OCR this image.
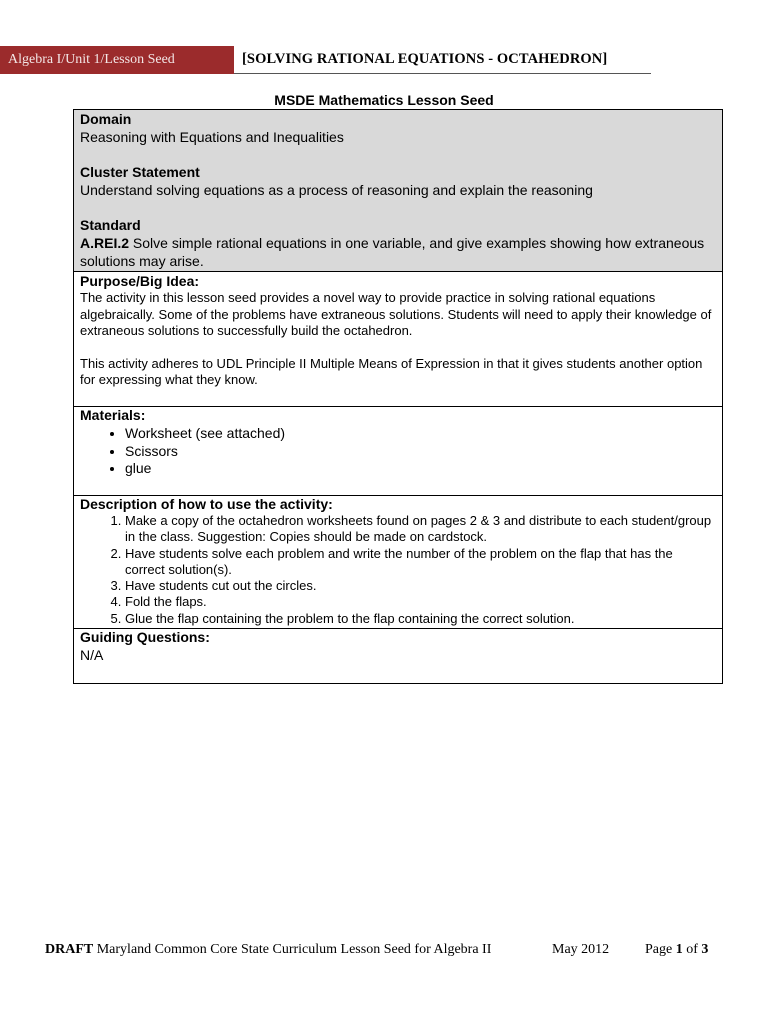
Algebra I/Unit 1/Lesson Seed	[SOLVING RATIONAL EQUATIONS - OCTAHEDRON]
MSDE Mathematics Lesson Seed
Domain
Reasoning with Equations and Inequalities
Cluster Statement
Understand solving equations as a process of reasoning and explain the reasoning
Standard
A.REI.2 Solve simple rational equations in one variable, and give examples showing how extraneous solutions may arise.
Purpose/Big Idea:
The activity in this lesson seed provides a novel way to provide practice in solving rational equations algebraically. Some of the problems have extraneous solutions. Students will need to apply their knowledge of extraneous solutions to successfully build the octahedron.
This activity adheres to UDL Principle II Multiple Means of Expression in that it gives students another option for expressing what they know.
Materials:
• Worksheet (see attached)
• Scissors
• glue
Description of how to use the activity:
1. Make a copy of the octahedron worksheets found on pages 2 & 3 and distribute to each student/group in the class. Suggestion: Copies should be made on cardstock.
2. Have students solve each problem and write the number of the problem on the flap that has the correct solution(s).
3. Have students cut out the circles.
4. Fold the flaps.
5. Glue the flap containing the problem to the flap containing the correct solution.
Guiding Questions:
N/A
DRAFT Maryland Common Core State Curriculum Lesson Seed for Algebra II	May 2012	Page 1 of 3
